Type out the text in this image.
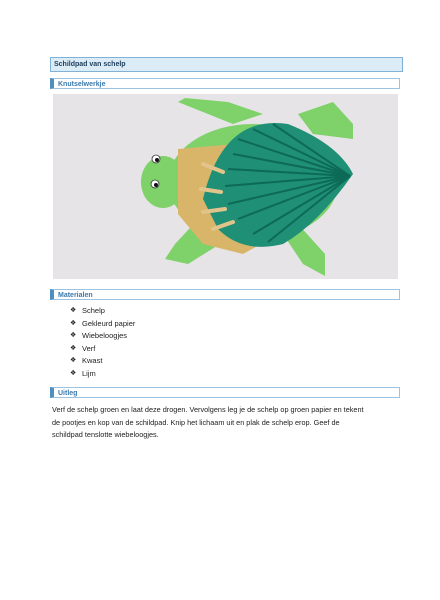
Schildpad van schelp
Knutselwerkje
Materialen
❖ Schelp
❖ Gekleurd papier
❖ Wiebeloogjes
❖ Verf
❖ Kwast
❖ Lijm
Uitleg
Verf de schelp groen en laat deze drogen. Vervolgens leg je de schelp op groen papier en tekent
de pootjes en kop van de schildpad. Knip het lichaam uit en plak de schelp erop. Geef de
schildpad tenslotte wiebeloogjes.
